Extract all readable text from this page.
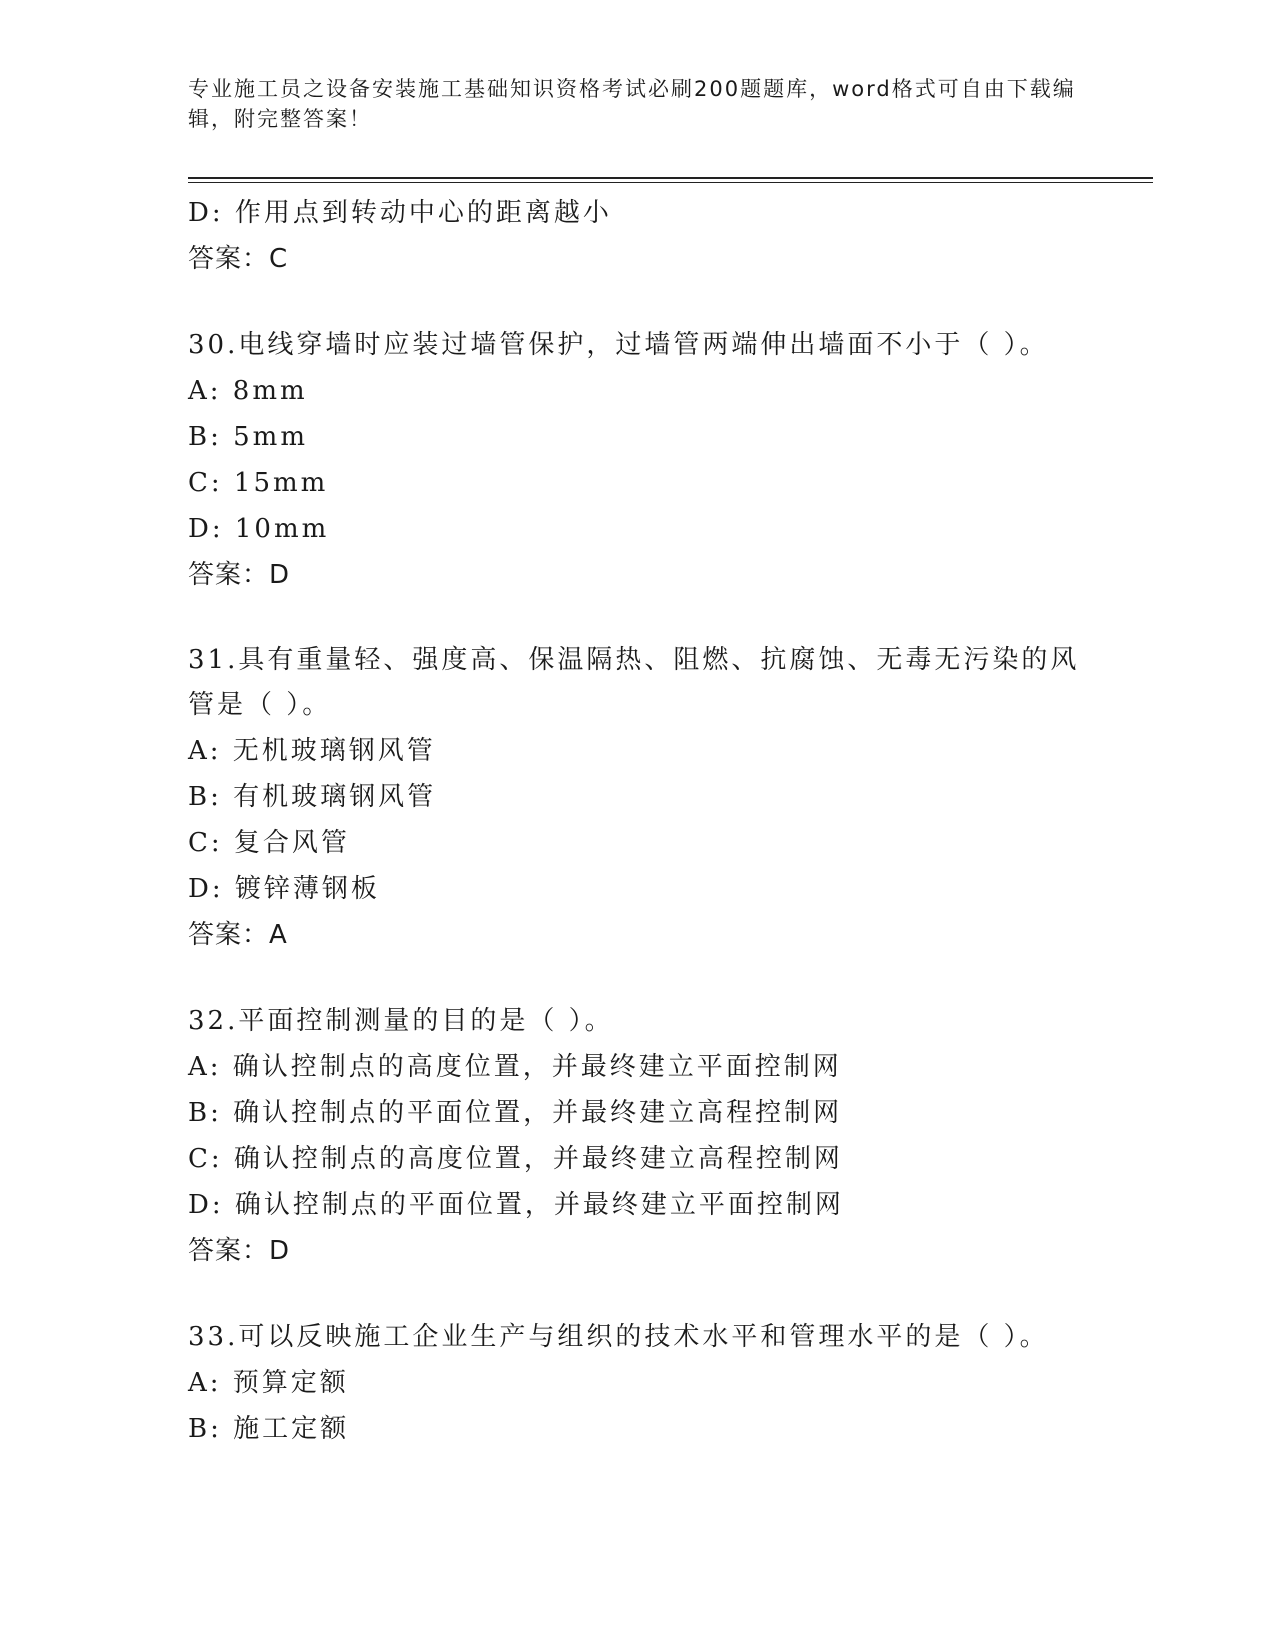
专业施工员之设备安装施工基础知识资格考试必刷200题题库，word格式可自由下载编辑，附完整答案！
D: 作用点到转动中心的距离越小
答案：C
30.电线穿墙时应装过墙管保护，过墙管两端伸出墙面不小于（ ）。
A: 8mm
B: 5mm
C: 15mm
D: 10mm
答案：D
31.具有重量轻、强度高、保温隔热、阻燃、抗腐蚀、无毒无污染的风管是（ ）。
A: 无机玻璃钢风管
B: 有机玻璃钢风管
C: 复合风管
D: 镀锌薄钢板
答案：A
32.平面控制测量的目的是（ ）。
A: 确认控制点的高度位置，并最终建立平面控制网
B: 确认控制点的平面位置，并最终建立高程控制网
C: 确认控制点的高度位置，并最终建立高程控制网
D: 确认控制点的平面位置，并最终建立平面控制网
答案：D
33.可以反映施工企业生产与组织的技术水平和管理水平的是（ ）。
A: 预算定额
B: 施工定额
